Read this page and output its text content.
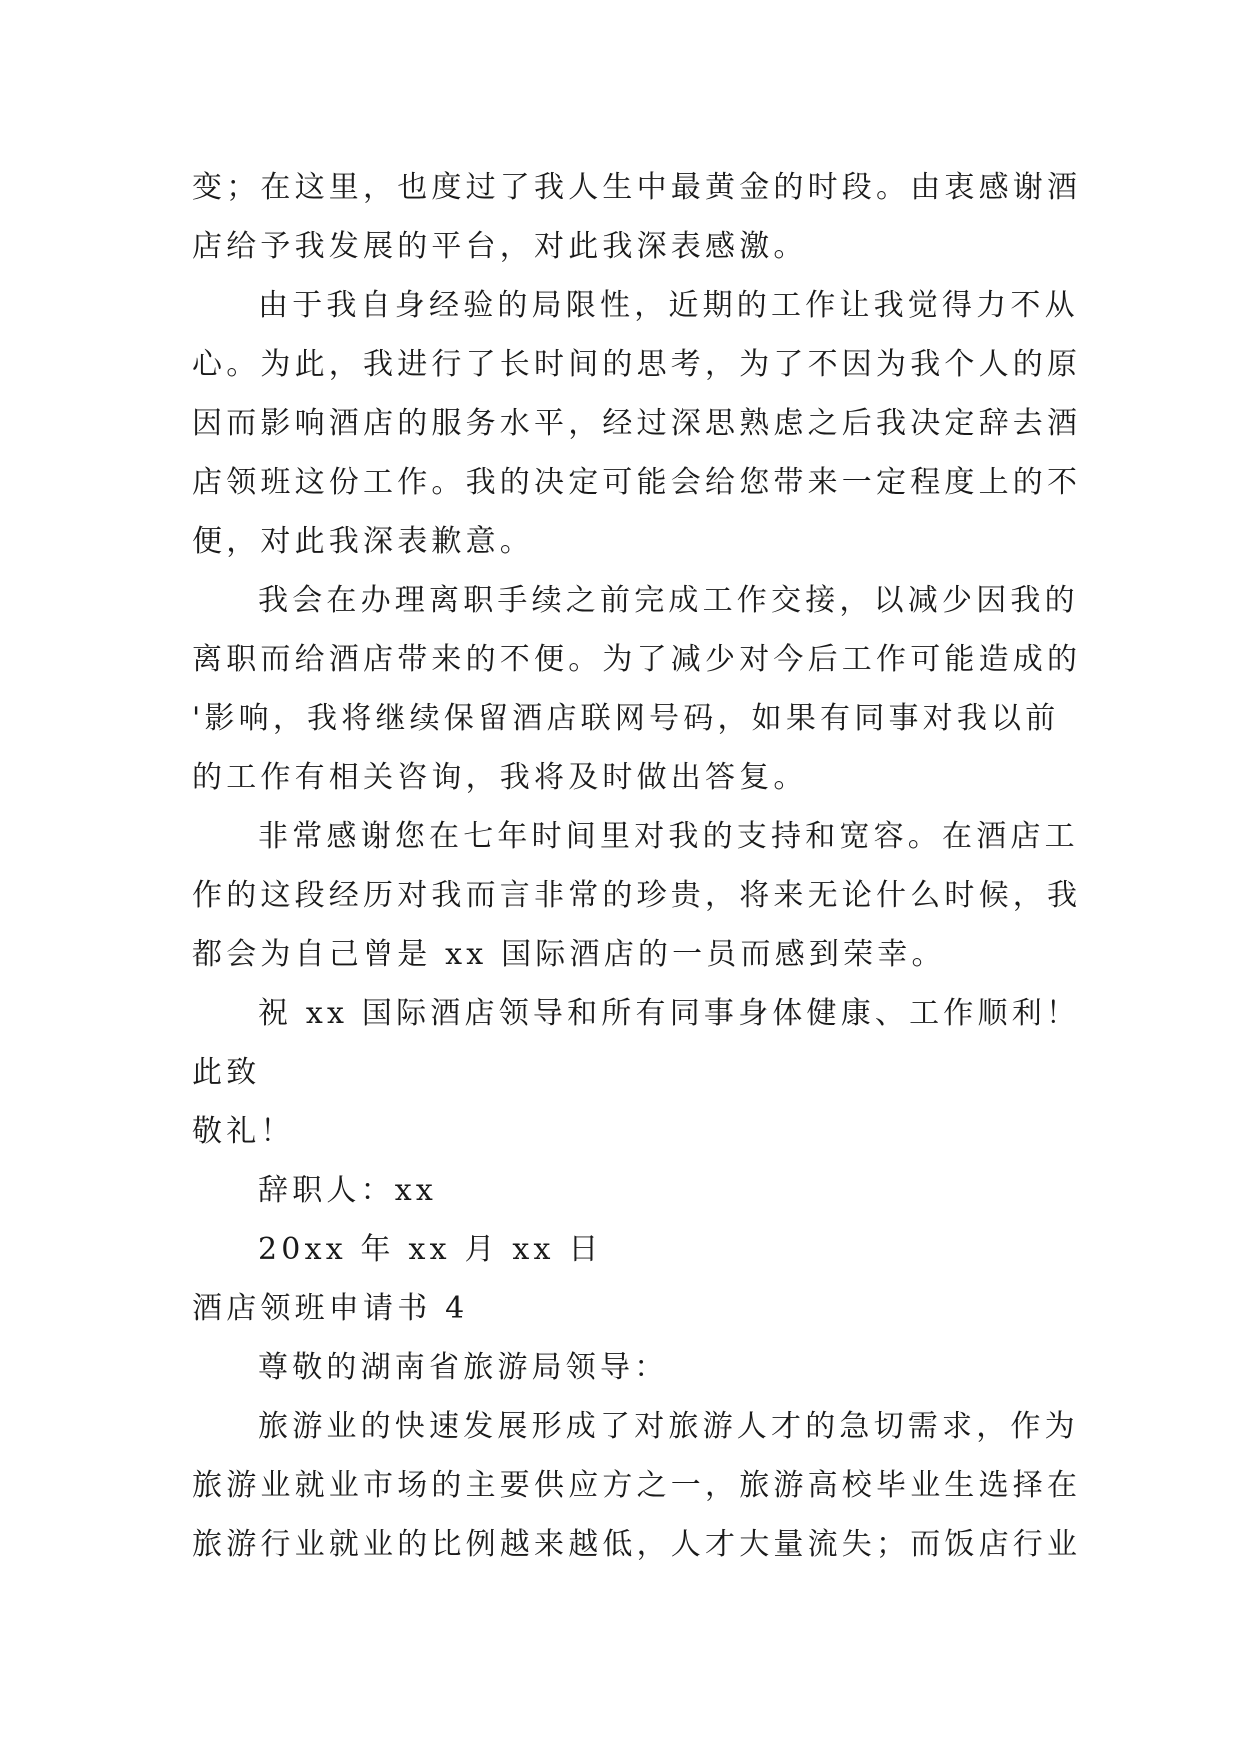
变；在这里，也度过了我人生中最黄金的时段。由衷感谢酒
店给予我发展的平台，对此我深表感激。
由于我自身经验的局限性，近期的工作让我觉得力不从
心。为此，我进行了长时间的思考，为了不因为我个人的原
因而影响酒店的服务水平，经过深思熟虑之后我决定辞去酒
店领班这份工作。我的决定可能会给您带来一定程度上的不
便，对此我深表歉意。
我会在办理离职手续之前完成工作交接，以减少因我的
离职而给酒店带来的不便。为了减少对今后工作可能造成的
'影响，我将继续保留酒店联网号码，如果有同事对我以前
的工作有相关咨询，我将及时做出答复。
非常感谢您在七年时间里对我的支持和宽容。在酒店工
作的这段经历对我而言非常的珍贵，将来无论什么时候，我
都会为自己曾是 xx 国际酒店的一员而感到荣幸。
祝 xx 国际酒店领导和所有同事身体健康、工作顺利！
此致
敬礼！
辞职人：xx
20xx 年 xx 月 xx 日
酒店领班申请书 4
尊敬的湖南省旅游局领导：
旅游业的快速发展形成了对旅游人才的急切需求，作为
旅游业就业市场的主要供应方之一，旅游高校毕业生选择在
旅游行业就业的比例越来越低，人才大量流失；而饭店行业
